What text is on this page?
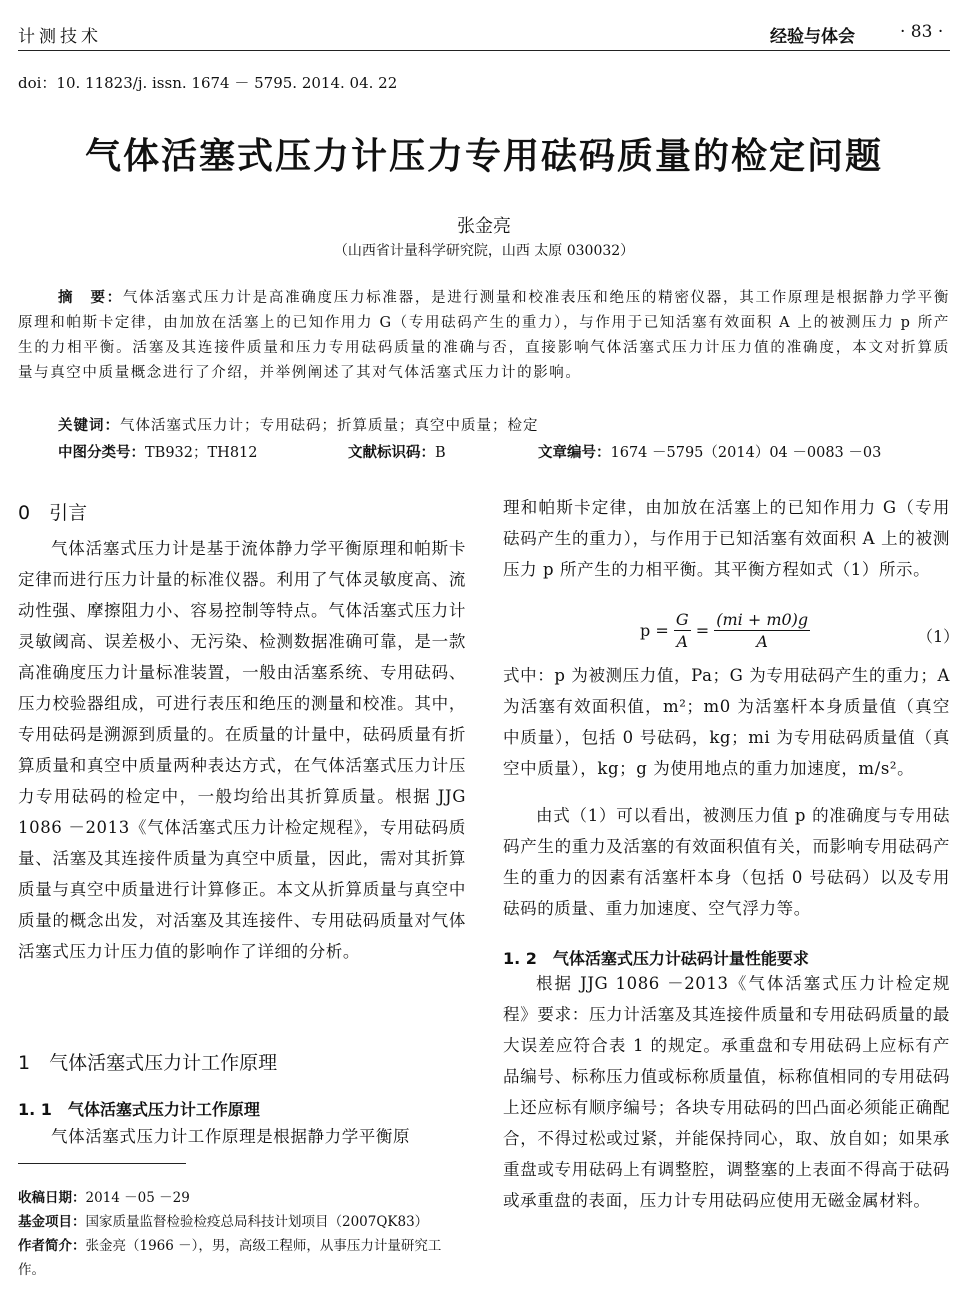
计测技术	经验与体会	· 83 ·
doi：10. 11823/j. issn. 1674 － 5795. 2014. 04. 22
气体活塞式压力计压力专用砝码质量的检定问题
张金亮
（山西省计量科学研究院，山西 太原 030032）
摘　要：气体活塞式压力计是高准确度压力标准器，是进行测量和校准表压和绝压的精密仪器，其工作原理是根据静力学平衡原理和帕斯卡定律，由加放在活塞上的已知作用力 G（专用砝码产生的重力），与作用于已知活塞有效面积 A 上的被测压力 p 所产生的力相平衡。活塞及其连接件质量和压力专用砝码质量的准确与否，直接影响气体活塞式压力计压力值的准确度，本文对折算质量与真空中质量概念进行了介绍，并举例阐述了其对气体活塞式压力计的影响。
关键词：气体活塞式压力计；专用砝码；折算质量；真空中质量；检定
中图分类号：TB932；TH812	文献标识码：B	文章编号：1674 －5795（2014）04 －0083 －03
0　引言

气体活塞式压力计是基于流体静力学平衡原理和帕斯卡定律而进行压力计量的标准仪器。利用了气体灵敏度高、流动性强、摩擦阻力小、容易控制等特点。气体活塞式压力计灵敏阈高、误差极小、无污染、检测数据准确可靠，是一款高准确度压力计量标准装置，一般由活塞系统、专用砝码、压力校验器组成，可进行表压和绝压的测量和校准。其中，专用砝码是溯源到质量的。在质量的计量中，砝码质量有折算质量和真空中质量两种表达方式，在气体活塞式压力计压力专用砝码的检定中，一般均给出其折算质量。根据 JJG 1086 －2013《气体活塞式压力计检定规程》，专用砝码质量、活塞及其连接件质量为真空中质量，因此，需对其折算质量与真空中质量进行计算修正。本文从折算质量与真空中质量的概念出发，对活塞及其连接件、专用砝码质量对气体活塞式压力计压力值的影响作了详细的分析。

1　气体活塞式压力计工作原理
1. 1　气体活塞式压力计工作原理

气体活塞式压力计工作原理是根据静力学平衡原

收稿日期：2014 －05 －29
基金项目：国家质量监督检验检疫总局科技计划项目（2007QK83）
作者简介：张金亮（1966 －），男，高级工程师，从事压力计量研究工作。

理和帕斯卡定律，由加放在活塞上的已知作用力 G（专用砝码产生的重力），与作用于已知活塞有效面积 A 上的被测压力 p 所产生的力相平衡。其平衡方程如式（1）所示。

$p = \frac{G}{A} = \frac{(mi + m0)g}{A}$	（1）

式中：p 为被测压力值，Pa；G 为专用砝码产生的重力；A 为活塞有效面积值，m²；m0 为活塞杆本身质量值（真空中质量），包括 0 号砝码，kg；mi 为专用砝码质量值（真空中质量），kg；g 为使用地点的重力加速度，m/s²。

由式（1）可以看出，被测压力值 p 的准确度与专用砝码产生的重力及活塞的有效面积值有关，而影响专用砝码产生的重力的因素有活塞杆本身（包括 0 号砝码）以及专用砝码的质量、重力加速度、空气浮力等。

1. 2　气体活塞式压力计砝码计量性能要求

根据 JJG 1086 －2013《气体活塞式压力计检定规程》要求：压力计活塞及其连接件质量和专用砝码质量的最大误差应符合表 1 的规定。承重盘和专用砝码上应标有产品编号、标称压力值或标称质量值，标称值相同的专用砝码上还应标有顺序编号；各块专用砝码的凹凸面必须能正确配合，不得过松或过紧，并能保持同心，取、放自如；如果承重盘或专用砝码上有调整腔，调整塞的上表面不得高于砝码或承重盘的表面，压力计专用砝码应使用无磁金属材料。
